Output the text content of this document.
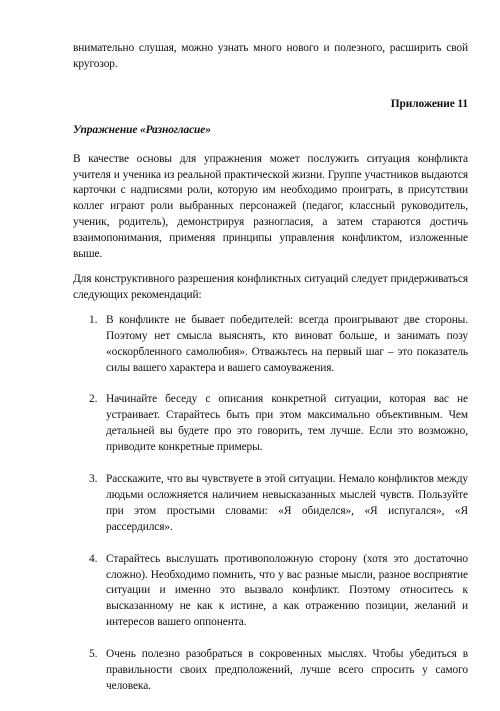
внимательно слушая, можно узнать много нового и полезного, расширить свой кругозор.

Приложение 11

Упражнение «Разногласие»

В качестве основы для упражнения может послужить ситуация конфликта учителя и ученика из реальной практической жизни. Группе участников выдаются карточки с надписями роли, которую им необходимо проиграть, в присутствии коллег играют роли выбранных персонажей (педагог, классный руководитель, ученик, родитель), демонстрируя разногласия, а затем стараются достичь взаимопонимания, применяя принципы управления конфликтом, изложенные выше.

Для конструктивного разрешения конфликтных ситуаций следует придерживаться следующих рекомендаций:

1. В конфликте не бывает победителей: всегда проигрывают две стороны. Поэтому нет смысла выяснять, кто виноват больше, и занимать позу «оскорбленного самолюбия». Отважьтесь на первый шаг – это показатель силы вашего характера и вашего самоуважения.
2. Начинайте беседу с описания конкретной ситуации, которая вас не устраивает. Старайтесь быть при этом максимально объективным. Чем детальней вы будете про это говорить, тем лучше. Если это возможно, приводите конкретные примеры.
3. Расскажите, что вы чувствуете в этой ситуации. Немало конфликтов между людьми осложняется наличием невысказанных мыслей чувств. Пользуйте при этом простыми словами: «Я обиделся», «Я испугался», «Я рассердился».
4. Старайтесь выслушать противоположную сторону (хотя это достаточно сложно). Необходимо помнить, что у вас разные мысли, разное восприятие ситуации и именно это вызвало конфликт. Поэтому относитесь к высказанному не как к истине, а как отражению позиции, желаний и интересов вашего оппонента.
5. Очень полезно разобраться в сокровенных мыслях. Чтобы убедиться в правильности своих предположений, лучше всего спросить у самого человека.
